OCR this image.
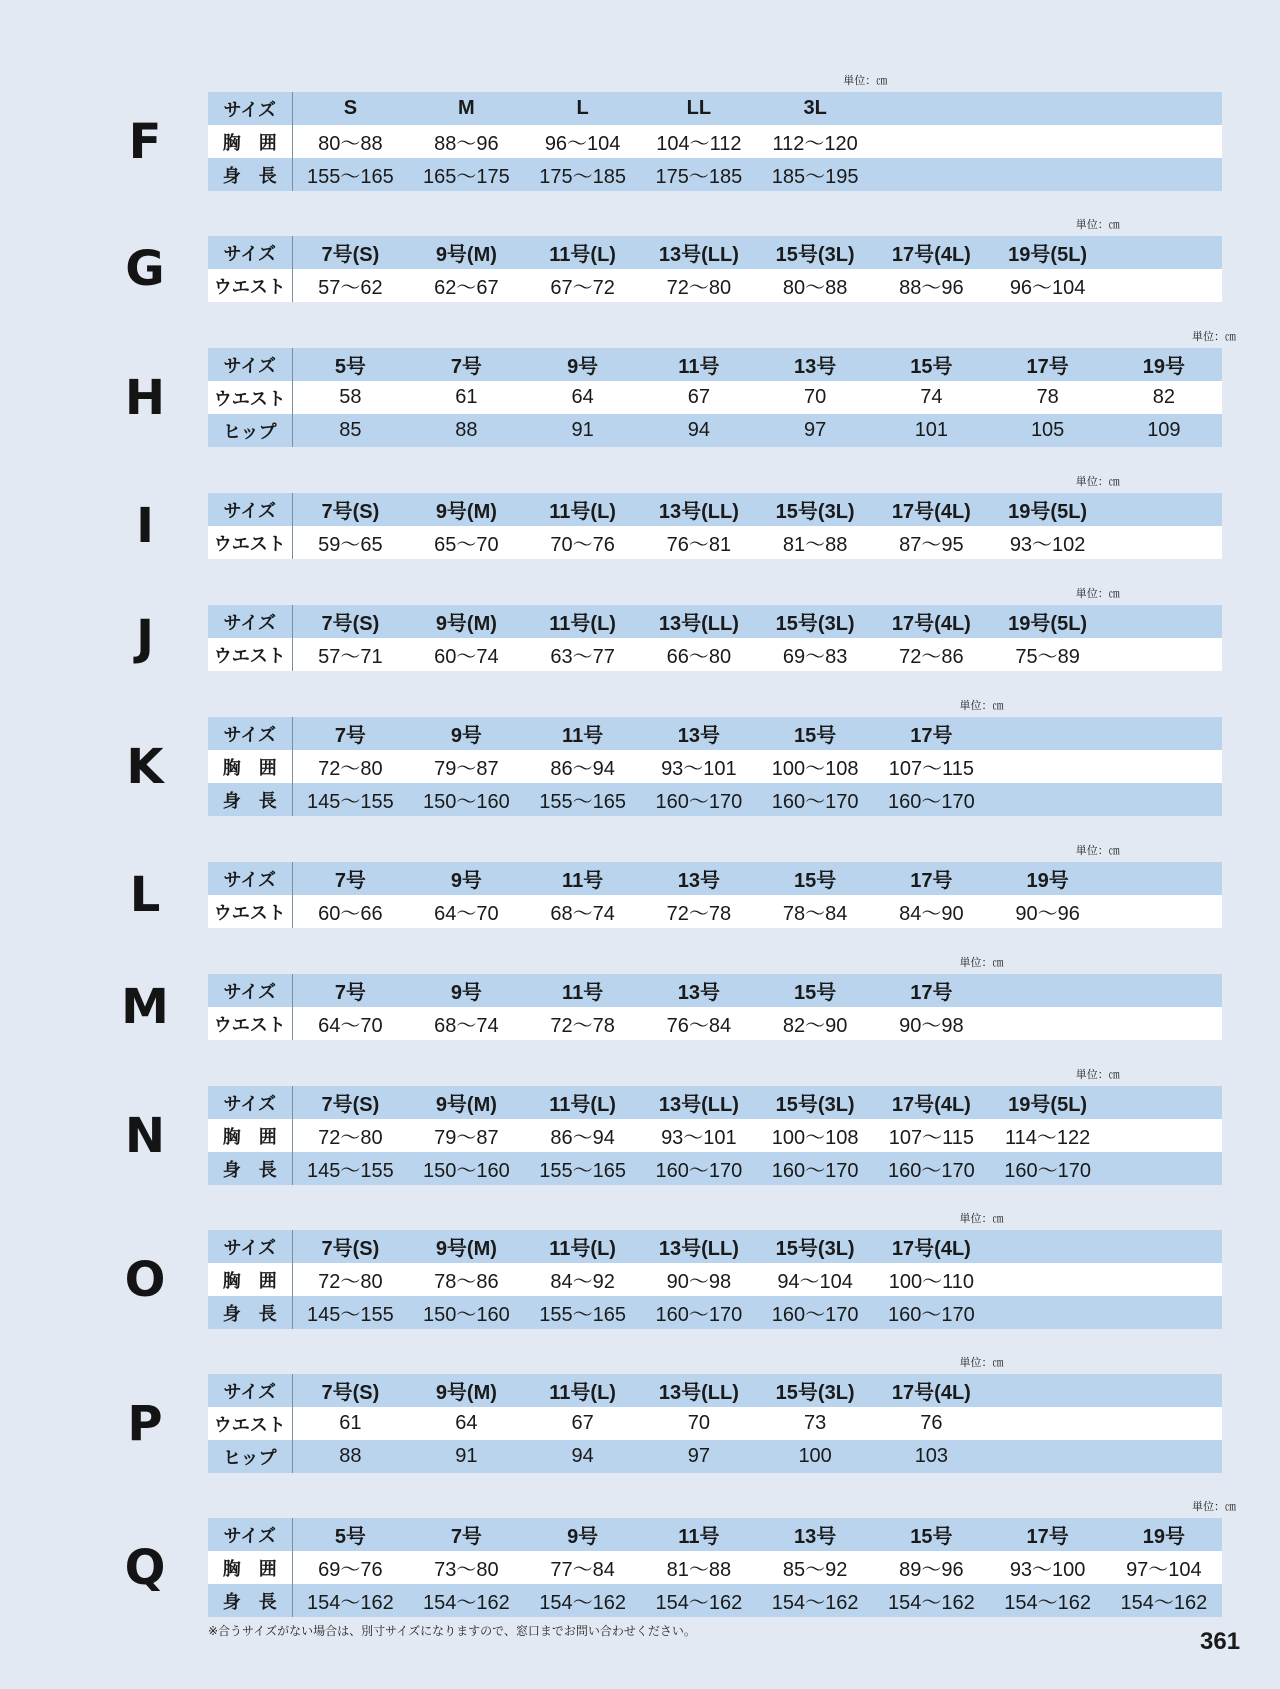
F
単位：㎝
サイズ	S	M	L	LL	3L			
胸　囲	80〜88	88〜96	96〜104	104〜112	112〜120			
身　長	155〜165	165〜175	175〜185	175〜185	185〜195			
G
単位：㎝
サイズ	7号(S)	9号(M)	11号(L)	13号(LL)	15号(3L)	17号(4L)	19号(5L)	
ウエスト	57〜62	62〜67	67〜72	72〜80	80〜88	88〜96	96〜104	
H
単位：㎝
サイズ	5号	7号	9号	11号	13号	15号	17号	19号
ウエスト	58	61	64	67	70	74	78	82
ヒップ	85	88	91	94	97	101	105	109
I
単位：㎝
サイズ	7号(S)	9号(M)	11号(L)	13号(LL)	15号(3L)	17号(4L)	19号(5L)	
ウエスト	59〜65	65〜70	70〜76	76〜81	81〜88	87〜95	93〜102	
J
単位：㎝
サイズ	7号(S)	9号(M)	11号(L)	13号(LL)	15号(3L)	17号(4L)	19号(5L)	
ウエスト	57〜71	60〜74	63〜77	66〜80	69〜83	72〜86	75〜89	
K
単位：㎝
サイズ	7号	9号	11号	13号	15号	17号		
胸　囲	72〜80	79〜87	86〜94	93〜101	100〜108	107〜115		
身　長	145〜155	150〜160	155〜165	160〜170	160〜170	160〜170		
L
単位：㎝
サイズ	7号	9号	11号	13号	15号	17号	19号	
ウエスト	60〜66	64〜70	68〜74	72〜78	78〜84	84〜90	90〜96	
M
単位：㎝
サイズ	7号	9号	11号	13号	15号	17号		
ウエスト	64〜70	68〜74	72〜78	76〜84	82〜90	90〜98		
N
単位：㎝
サイズ	7号(S)	9号(M)	11号(L)	13号(LL)	15号(3L)	17号(4L)	19号(5L)	
胸　囲	72〜80	79〜87	86〜94	93〜101	100〜108	107〜115	114〜122	
身　長	145〜155	150〜160	155〜165	160〜170	160〜170	160〜170	160〜170	
O
単位：㎝
サイズ	7号(S)	9号(M)	11号(L)	13号(LL)	15号(3L)	17号(4L)		
胸　囲	72〜80	78〜86	84〜92	90〜98	94〜104	100〜110		
身　長	145〜155	150〜160	155〜165	160〜170	160〜170	160〜170		
P
単位：㎝
サイズ	7号(S)	9号(M)	11号(L)	13号(LL)	15号(3L)	17号(4L)		
ウエスト	61	64	67	70	73	76		
ヒップ	88	91	94	97	100	103		
Q
単位：㎝
サイズ	5号	7号	9号	11号	13号	15号	17号	19号
胸　囲	69〜76	73〜80	77〜84	81〜88	85〜92	89〜96	93〜100	97〜104
身　長	154〜162	154〜162	154〜162	154〜162	154〜162	154〜162	154〜162	154〜162
※合うサイズがない場合は、別寸サイズになりますので、窓口までお問い合わせください。	361
